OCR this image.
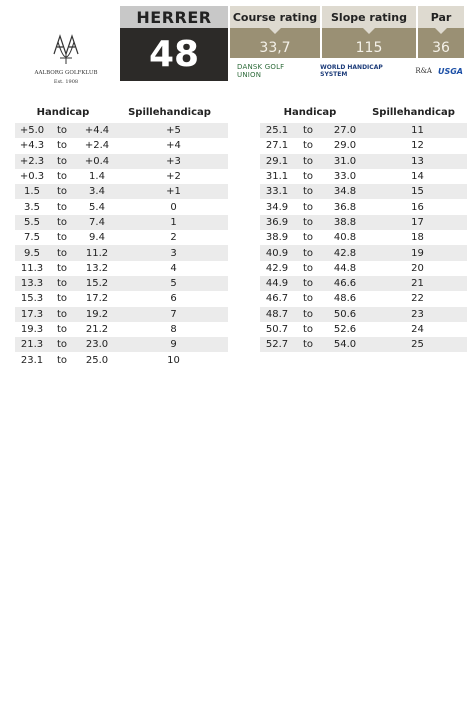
AALBORG GOLFKLUB
Est. 1908
HERRER
48
Course rating	Slope rating	Par
33,7	115	36
DANSK GOLF UNION
WORLD HANDICAP SYSTEM	R&A USGA
Handicap	Spillehandicap
+5.0	to	+4.4	+5
+4.3	to	+2.4	+4
+2.3	to	+0.4	+3
+0.3	to	1.4	+2
1.5	to	3.4	+1
3.5	to	5.4	0
5.5	to	7.4	1
7.5	to	9.4	2
9.5	to	11.2	3
11.3	to	13.2	4
13.3	to	15.2	5
15.3	to	17.2	6
17.3	to	19.2	7
19.3	to	21.2	8
21.3	to	23.0	9
23.1	to	25.0	10
Handicap	Spillehandicap
25.1	to	27.0	11
27.1	to	29.0	12
29.1	to	31.0	13
31.1	to	33.0	14
33.1	to	34.8	15
34.9	to	36.8	16
36.9	to	38.8	17
38.9	to	40.8	18
40.9	to	42.8	19
42.9	to	44.8	20
44.9	to	46.6	21
46.7	to	48.6	22
48.7	to	50.6	23
50.7	to	52.6	24
52.7	to	54.0	25
